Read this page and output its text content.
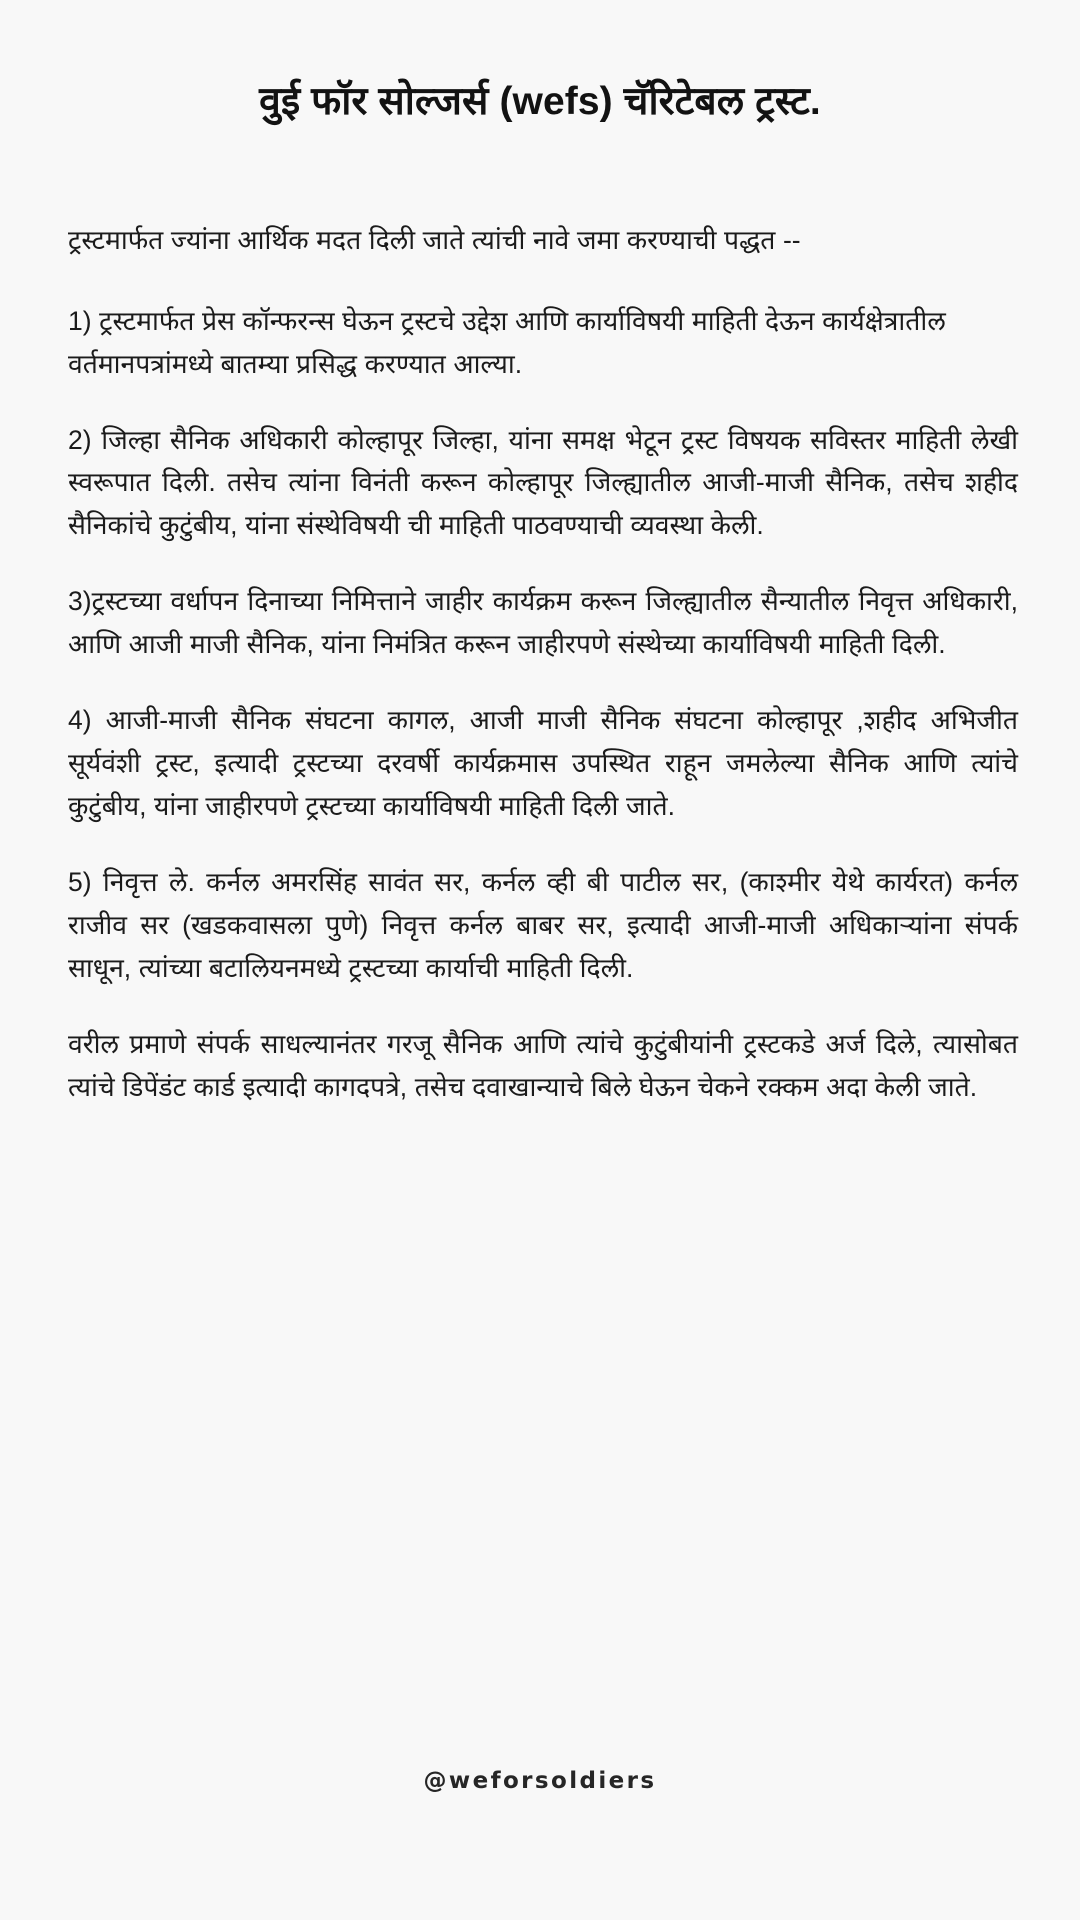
वुई फॉर सोल्जर्स (wefs) चॅरिटेबल ट्रस्ट.

ट्रस्टमार्फत ज्यांना आर्थिक मदत दिली जाते त्यांची नावे जमा करण्याची पद्धत --

1) ट्रस्टमार्फत प्रेस कॉन्फरन्स घेऊन ट्रस्टचे उद्देश आणि कार्याविषयी माहिती देऊन कार्यक्षेत्रातील वर्तमानपत्रांमध्ये बातम्या प्रसिद्ध करण्यात आल्या.

2) जिल्हा सैनिक अधिकारी कोल्हापूर जिल्हा, यांना समक्ष भेटून ट्रस्ट विषयक सविस्तर माहिती लेखी स्वरूपात दिली. तसेच त्यांना विनंती करून कोल्हापूर जिल्ह्यातील आजी-माजी सैनिक, तसेच शहीद सैनिकांचे कुटुंबीय, यांना संस्थेविषयी ची माहिती पाठवण्याची व्यवस्था केली.

3)ट्रस्टच्या वर्धापन दिनाच्या निमित्ताने जाहीर कार्यक्रम करून जिल्ह्यातील सैन्यातील निवृत्त अधिकारी, आणि आजी माजी सैनिक, यांना निमंत्रित करून जाहीरपणे संस्थेच्या कार्याविषयी माहिती दिली.

4) आजी-माजी सैनिक संघटना कागल, आजी माजी सैनिक संघटना कोल्हापूर ,शहीद अभिजीत सूर्यवंशी ट्रस्ट, इत्यादी ट्रस्टच्या दरवर्षी कार्यक्रमास उपस्थित राहून जमलेल्या सैनिक आणि त्यांचे कुटुंबीय, यांना जाहीरपणे ट्रस्टच्या कार्याविषयी माहिती दिली जाते.

5) निवृत्त ले. कर्नल अमरसिंह सावंत सर, कर्नल व्ही बी पाटील सर, (काश्मीर येथे कार्यरत) कर्नल राजीव सर (खडकवासला पुणे) निवृत्त कर्नल बाबर सर, इत्यादी आजी-माजी अधिकाऱ्यांना संपर्क साधून, त्यांच्या बटालियनमध्ये ट्रस्टच्या कार्याची माहिती दिली.

वरील प्रमाणे संपर्क साधल्यानंतर गरजू सैनिक आणि त्यांचे कुटुंबीयांनी ट्रस्टकडे अर्ज दिले, त्यासोबत त्यांचे डिपेंडंट कार्ड इत्यादी कागदपत्रे, तसेच दवाखान्याचे बिले घेऊन चेकने रक्कम अदा केली जाते.

@weforsoldiers
